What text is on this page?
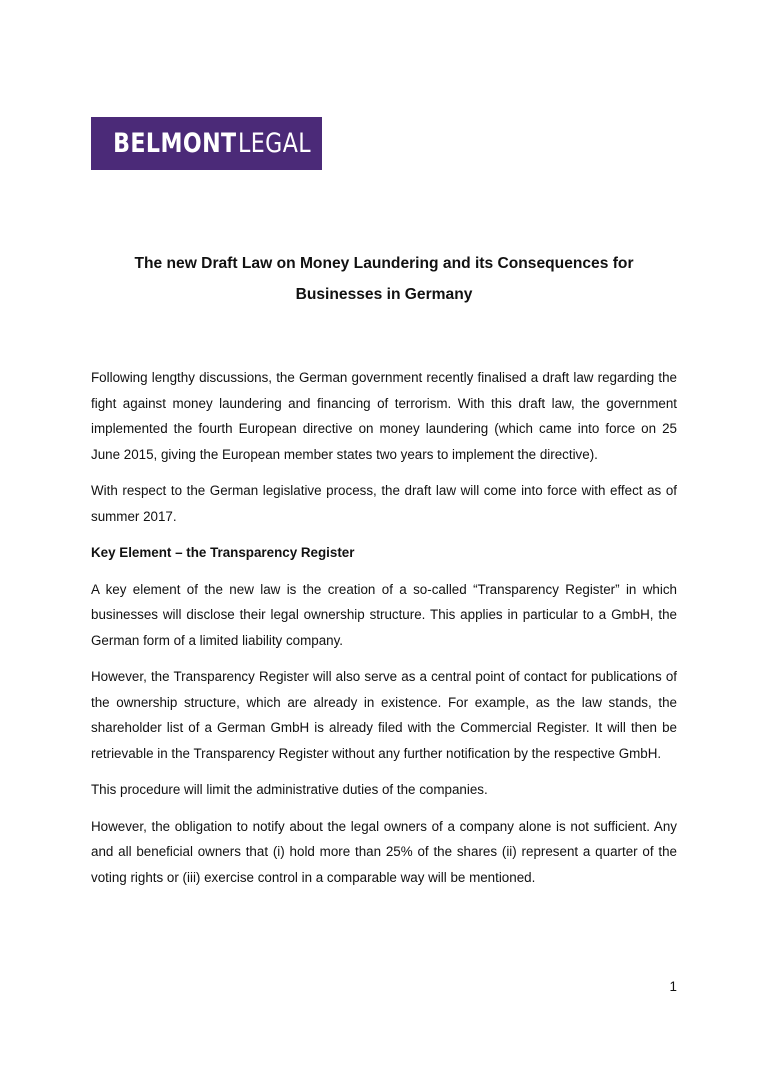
BELMONT LEGAL
The new Draft Law on Money Laundering and its Consequences for Businesses in Germany

Following lengthy discussions, the German government recently finalised a draft law regarding the fight against money laundering and financing of terrorism. With this draft law, the government implemented the fourth European directive on money laundering (which came into force on 25 June 2015, giving the European member states two years to implement the directive).

With respect to the German legislative process, the draft law will come into force with effect as of summer 2017.

Key Element – the Transparency Register

A key element of the new law is the creation of a so-called “Transparency Register” in which businesses will disclose their legal ownership structure. This applies in particular to a GmbH, the German form of a limited liability company.

However, the Transparency Register will also serve as a central point of contact for publications of the ownership structure, which are already in existence. For example, as the law stands, the shareholder list of a German GmbH is already filed with the Commercial Register. It will then be retrievable in the Transparency Register without any further notification by the respective GmbH.

This procedure will limit the administrative duties of the companies.

However, the obligation to notify about the legal owners of a company alone is not sufficient. Any and all beneficial owners that (i) hold more than 25% of the shares (ii) represent a quarter of the voting rights or (iii) exercise control in a comparable way will be mentioned.

1
